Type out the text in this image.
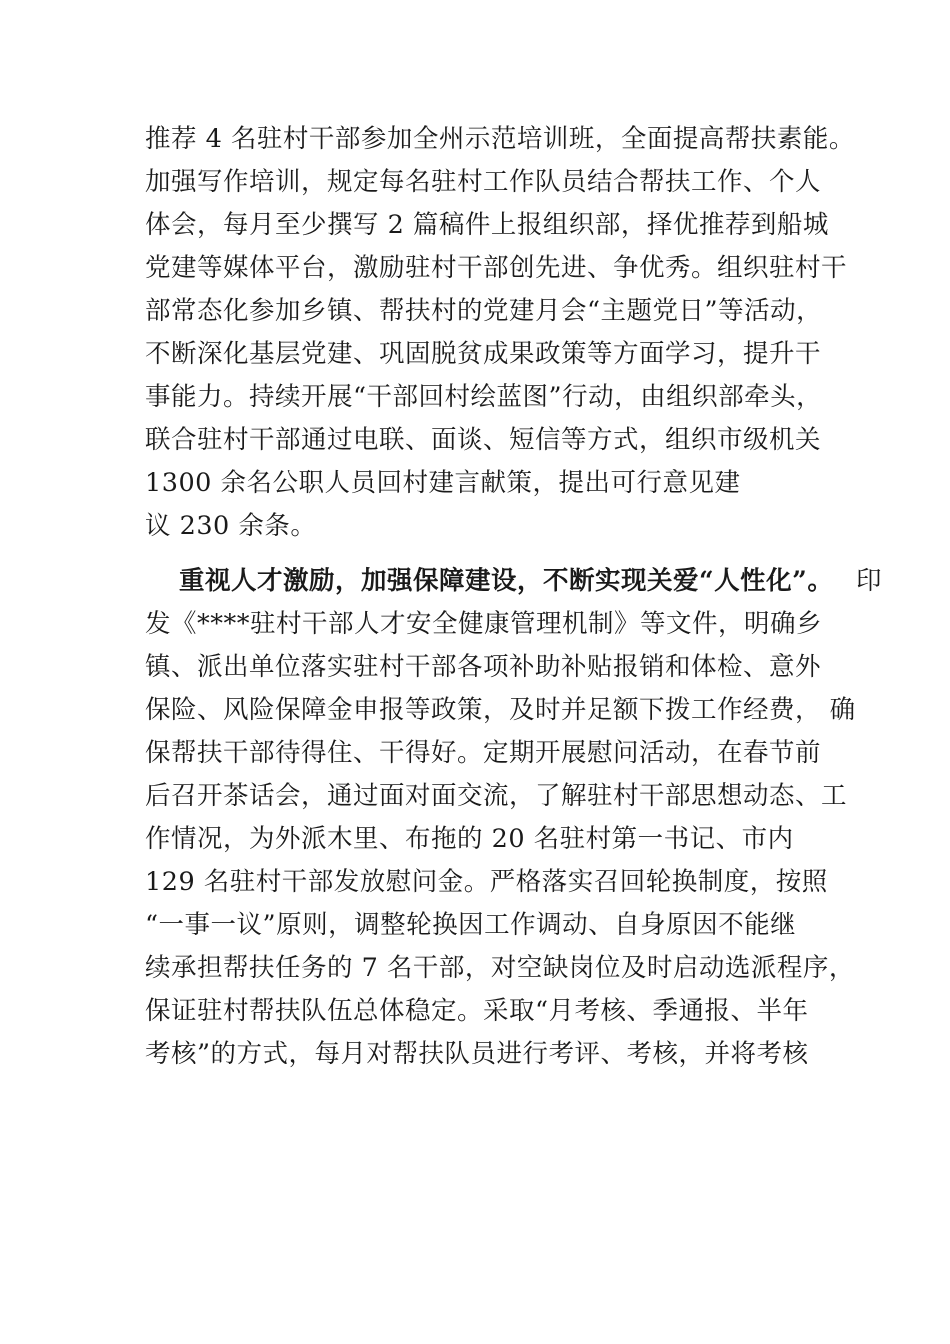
推荐 4 名驻村干部参加全州示范培训班，全面提高帮扶素能。
加强写作培训，规定每名驻村工作队员结合帮扶工作、个人
体会，每月至少撰写 2 篇稿件上报组织部，择优推荐到船城
党建等媒体平台，激励驻村干部创先进、争优秀。组织驻村干
部常态化参加乡镇、帮扶村的党建月会“主题党日”等活动，
不断深化基层党建、巩固脱贫成果政策等方面学习，提升干
事能力。持续开展“干部回村绘蓝图”行动，由组织部牵头，
联合驻村干部通过电联、面谈、短信等方式，组织市级机关
1300 余名公职人员回村建言献策，提出可行意见建
议 230 余条。
重视人才激励，加强保障建设，不断实现关爱“人性化”。 印
发《****驻村干部人才安全健康管理机制》等文件，明确乡
镇、派出单位落实驻村干部各项补助补贴报销和体检、意外
保险、风险保障金申报等政策，及时并足额下拨工作经费， 确
保帮扶干部待得住、干得好。定期开展慰问活动，在春节前
后召开茶话会，通过面对面交流，了解驻村干部思想动态、工
作情况，为外派木里、布拖的 20 名驻村第一书记、市内
129 名驻村干部发放慰问金。严格落实召回轮换制度，按照
“一事一议”原则，调整轮换因工作调动、自身原因不能继
续承担帮扶任务的 7 名干部，对空缺岗位及时启动选派程序，
保证驻村帮扶队伍总体稳定。采取“月考核、季通报、半年
考核”的方式，每月对帮扶队员进行考评、考核，并将考核
